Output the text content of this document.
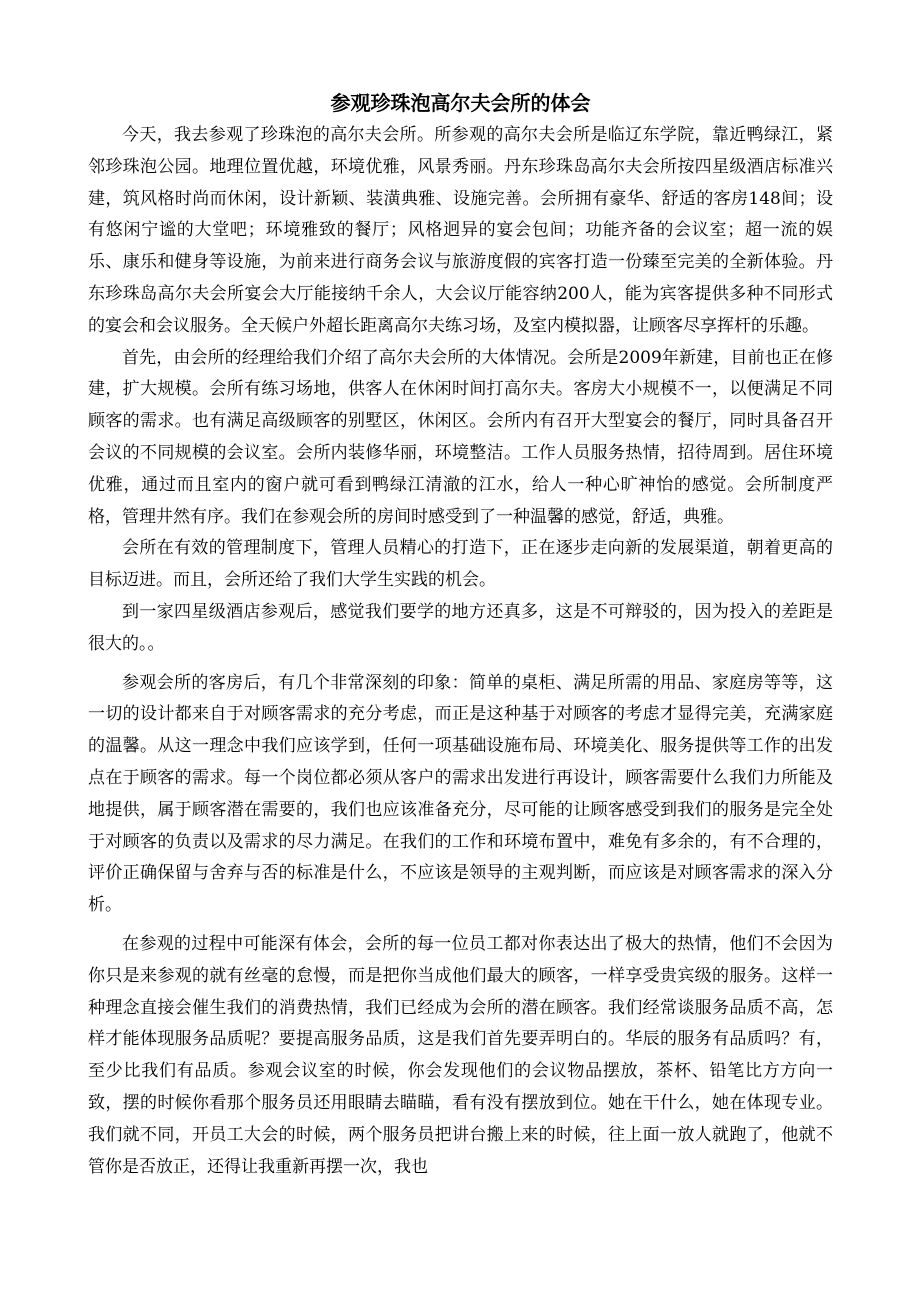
参观珍珠泡高尔夫会所的体会

今天，我去参观了珍珠泡的高尔夫会所。所参观的高尔夫会所是临辽东学院，靠近鸭绿江，紧邻珍珠泡公园。地理位置优越，环境优雅，风景秀丽。丹东珍珠岛高尔夫会所按四星级酒店标准兴建，筑风格时尚而休闲，设计新颖、装潢典雅、设施完善。会所拥有豪华、舒适的客房148间；设有悠闲宁谧的大堂吧；环境雅致的餐厅；风格迥异的宴会包间；功能齐备的会议室；超一流的娱乐、康乐和健身等设施，为前来进行商务会议与旅游度假的宾客打造一份臻至完美的全新体验。丹东珍珠岛高尔夫会所宴会大厅能接纳千余人，大会议厅能容纳200人，能为宾客提供多种不同形式的宴会和会议服务。全天候户外超长距离高尔夫练习场，及室内模拟器，让顾客尽享挥杆的乐趣。

首先，由会所的经理给我们介绍了高尔夫会所的大体情况。会所是2009年新建，目前也正在修建，扩大规模。会所有练习场地，供客人在休闲时间打高尔夫。客房大小规模不一，以便满足不同顾客的需求。也有满足高级顾客的别墅区，休闲区。会所内有召开大型宴会的餐厅，同时具备召开会议的不同规模的会议室。会所内装修华丽，环境整洁。工作人员服务热情，招待周到。居住环境优雅，通过而且室内的窗户就可看到鸭绿江清澈的江水，给人一种心旷神怡的感觉。会所制度严格，管理井然有序。我们在参观会所的房间时感受到了一种温馨的感觉，舒适，典雅。

会所在有效的管理制度下，管理人员精心的打造下，正在逐步走向新的发展渠道，朝着更高的目标迈进。而且，会所还给了我们大学生实践的机会。

到一家四星级酒店参观后，感觉我们要学的地方还真多，这是不可辩驳的，因为投入的差距是很大的。。

参观会所的客房后，有几个非常深刻的印象：简单的桌柜、满足所需的用品、家庭房等等，这一切的设计都来自于对顾客需求的充分考虑，而正是这种基于对顾客的考虑才显得完美，充满家庭的温馨。从这一理念中我们应该学到，任何一项基础设施布局、环境美化、服务提供等工作的出发点在于顾客的需求。每一个岗位都必须从客户的需求出发进行再设计，顾客需要什么我们力所能及地提供，属于顾客潜在需要的，我们也应该准备充分，尽可能的让顾客感受到我们的服务是完全处于对顾客的负责以及需求的尽力满足。在我们的工作和环境布置中，难免有多余的，有不合理的，评价正确保留与舍弃与否的标准是什么，不应该是领导的主观判断，而应该是对顾客需求的深入分析。

在参观的过程中可能深有体会，会所的每一位员工都对你表达出了极大的热情，他们不会因为你只是来参观的就有丝毫的怠慢，而是把你当成他们最大的顾客，一样享受贵宾级的服务。这样一种理念直接会催生我们的消费热情，我们已经成为会所的潜在顾客。我们经常谈服务品质不高，怎样才能体现服务品质呢？要提高服务品质，这是我们首先要弄明白的。华辰的服务有品质吗？有，至少比我们有品质。参观会议室的时候，你会发现他们的会议物品摆放，茶杯、铅笔比方方向一致，摆的时候你看那个服务员还用眼睛去瞄瞄，看有没有摆放到位。她在干什么，她在体现专业。我们就不同，开员工大会的时候，两个服务员把讲台搬上来的时候，往上面一放人就跑了，他就不管你是否放正，还得让我重新再摆一次，我也
